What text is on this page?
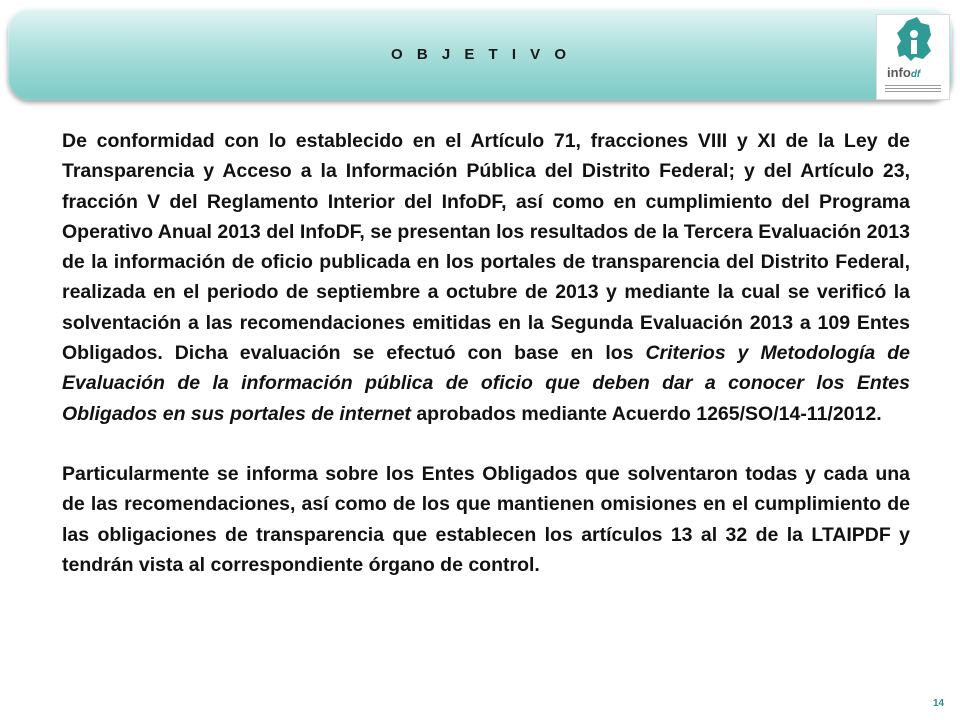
O B J E T I V O
infodf

De conformidad con lo establecido en el Artículo 71, fracciones VIII y XI de la Ley de Transparencia y Acceso a la Información Pública del Distrito Federal; y del Artículo 23, fracción V del Reglamento Interior del InfoDF, así como en cumplimiento del Programa Operativo Anual 2013 del InfoDF, se presentan los resultados de la Tercera Evaluación 2013 de la información de oficio publicada en los portales de transparencia del Distrito Federal, realizada en el periodo de septiembre a octubre de 2013 y mediante la cual se verificó la solventación a las recomendaciones emitidas en la Segunda Evaluación 2013 a 109 Entes Obligados. Dicha evaluación se efectuó con base en los Criterios y Metodología de Evaluación de la información pública de oficio que deben dar a conocer los Entes Obligados en sus portales de internet aprobados mediante Acuerdo 1265/SO/14-11/2012.

Particularmente se informa sobre los Entes Obligados que solventaron todas y cada una de las recomendaciones, así como de los que mantienen omisiones en el cumplimiento de las obligaciones de transparencia que establecen los artículos 13 al 32 de la LTAIPDF y tendrán vista al correspondiente órgano de control.

14
